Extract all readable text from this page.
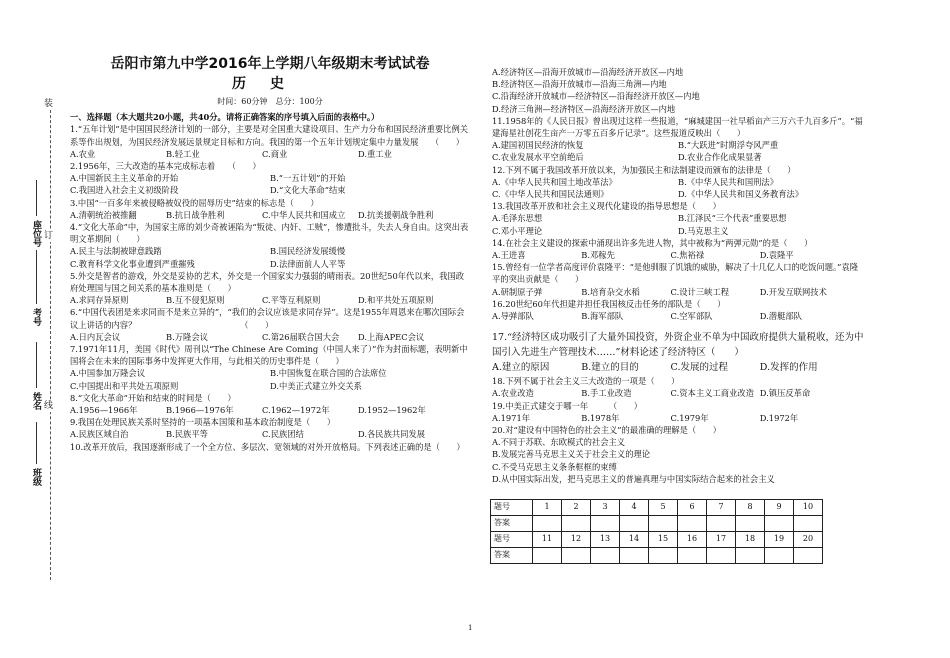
装
订
线
座位号
考号
姓名
班级
岳阳市第九中学2016年上学期八年级期末考试试卷
历史
时间：60分钟　总分：100分
一、选择题（本大题共20小题，共40分。请将正确答案的序号填入后面的表格中。）
1.“五年计划”是中国国民经济计划的一部分，主要是对全国重大建设项目、生产力分布和国民经济重要比例关系等作出规划，为国民经济发展远景规定目标和方向。我国的第一个五年计划规定集中力量发展　　（　　）
A.农业	B.轻工业	C.商业	D.重工业
2.1956年，三大改造的基本完成标志着　　（　　）
A.中国新民主主义革命的开始	B.“一五计划”的开始
C.我国进入社会主义初级阶段	D.“文化大革命”结束
3.中国“一百多年来被侵略被奴役的屈辱历史”结束的标志是（　　）
A.清朝统治被推翻	B.抗日战争胜利	C.中华人民共和国成立	D.抗美援朝战争胜利
4.“文化大革命”中，为国家主席的刘少奇被诬陷为“叛徒、内奸、工贼”，惨遭批斗，失去人身自由。这突出表明文革期间（　　）
A.民主与法制被肆意践踏	B.国民经济发展缓慢
C.教育科学文化事业遭到严重摧残	D.法律面前人人平等
5.外交是智者的游戏，外交是妥协的艺术，外交是一个国家实力强弱的晴雨表。20世纪50年代以来，我国政府处理国与国之间关系的基本准则是（　　）
A.求同存异原则	B.互不侵犯原则	C.平等互利原则	D.和平共处五项原则
6.“中国代表团是来求同而不是来立异的”，“我们的会议应该是求同存异”。这是1955年周恩来在哪次国际会议上讲话的内容？　　　　　　　　　　　　　（　　）
A.日内瓦会议	B.万隆会议	C.第26届联合国大会	D.上海APEC会议
7.1971年11月，美国《时代》周刊以“The Chinese Are Coming（中国人来了）”作为封面标题，表明新中国将会在未来的国际事务中发挥更大作用，与此相关的历史事件是（　　）
A.中国参加万隆会议	B.中国恢复在联合国的合法席位
C.中国提出和平共处五项原则	D.中美正式建立外交关系
8.“文化大革命”开始和结束的时间是（　　）
A.1956—1966年	B.1966—1976年	C.1962—1972年	D.1952—1962年
9.我国在处理民族关系时坚持的一项基本国策和基本政治制度是（　　）
A.民族区域自治	B.民族平等	C.民族团结	D.各民族共同发展
10.改革开放后，我国逐渐形成了一个全方位、多层次、宽领域的对外开放格局。下列表述正确的是（　　）
A.经济特区—沿海开放城市—沿海经济开放区—内地
B.经济特区—沿海开放城市—沿海三角洲—内地
C.沿海经济开放城市—经济特区—沿海经济开放区—内地
D.经济三角洲—经济特区—沿海经济开放区—内地
11.1958年的《人民日报》曾出现过这样一些报道，“麻城建国一社早稻亩产三万六千九百多斤”。“福建海星社创花生亩产一万零五百多斤记录”。这些报道反映出（　　）
A.建国初国民经济的恢复	B.“大跃进”时期浮夸风严重
C.农业发展水平空前绝后	D.农业合作化成果显著
12.下列不属于我国改革开放以来，为加强民主和法制建设而颁布的法律是（　　）
A.《中华人民共和国土地改革法》	B.《中华人民共和国刑法》
C.《中华人民共和国民法通则》	D.《中华人民共和国义务教育法》
13.我国改革开放和社会主义现代化建设的指导思想是（　　）
A.毛泽东思想	B.江泽民“三个代表”重要思想
C.邓小平理论	D.马克思主义
14.在社会主义建设的探索中涌现出许多先进人物，其中被称为“两弹元勋”的是（　　）
A.王进喜	B.邓稼先	C.焦裕禄	D.袁隆平
15.曾经有一位学者高度评价袁隆平：“是他驯服了饥饿的威胁，解决了十几亿人口的吃饭问题。”袁隆平的突出贡献是（　　）
A.研制原子弹	B.培育杂交水稻	C.设计三峡工程	D.开发互联网技术
16.20世纪60年代担建并担任我国核反击任务的部队是（　　）
A.导弹部队	B.海军部队	C.空军部队	D.潜艇部队
17.“经济特区成功吸引了大量外国投资，外资企业不单为中国政府提供大量税收，还为中国引入先进生产管理技术……”材料论述了经济特区（　　）
A.建立的原因	B.建立的目的	C.发展的过程	D.发挥的作用
18.下列不属于社会主义三大改造的一项是（　　）
A.农业改造	B.手工业改造	C.资本主义工商业改造 D.镇压反革命
19.中美正式建交于哪一年　　　（　　）
A.1971年	B.1978年	C.1979年	D.1972年
20.对“建设有中国特色的社会主义”的最准确的理解是（　　）
A.不同于苏联、东欧模式的社会主义
B.发展完善马克思主义关于社会主义的理论
C.不受马克思主义条条框框的束缚
D.从中国实际出发，把马克思主义的普遍真理与中国实际结合起来的社会主义
题号	1	2	3	4	5	6	7	8	9	10
答案										
题号	11	12	13	14	15	16	17	18	19	20
答案										
1
